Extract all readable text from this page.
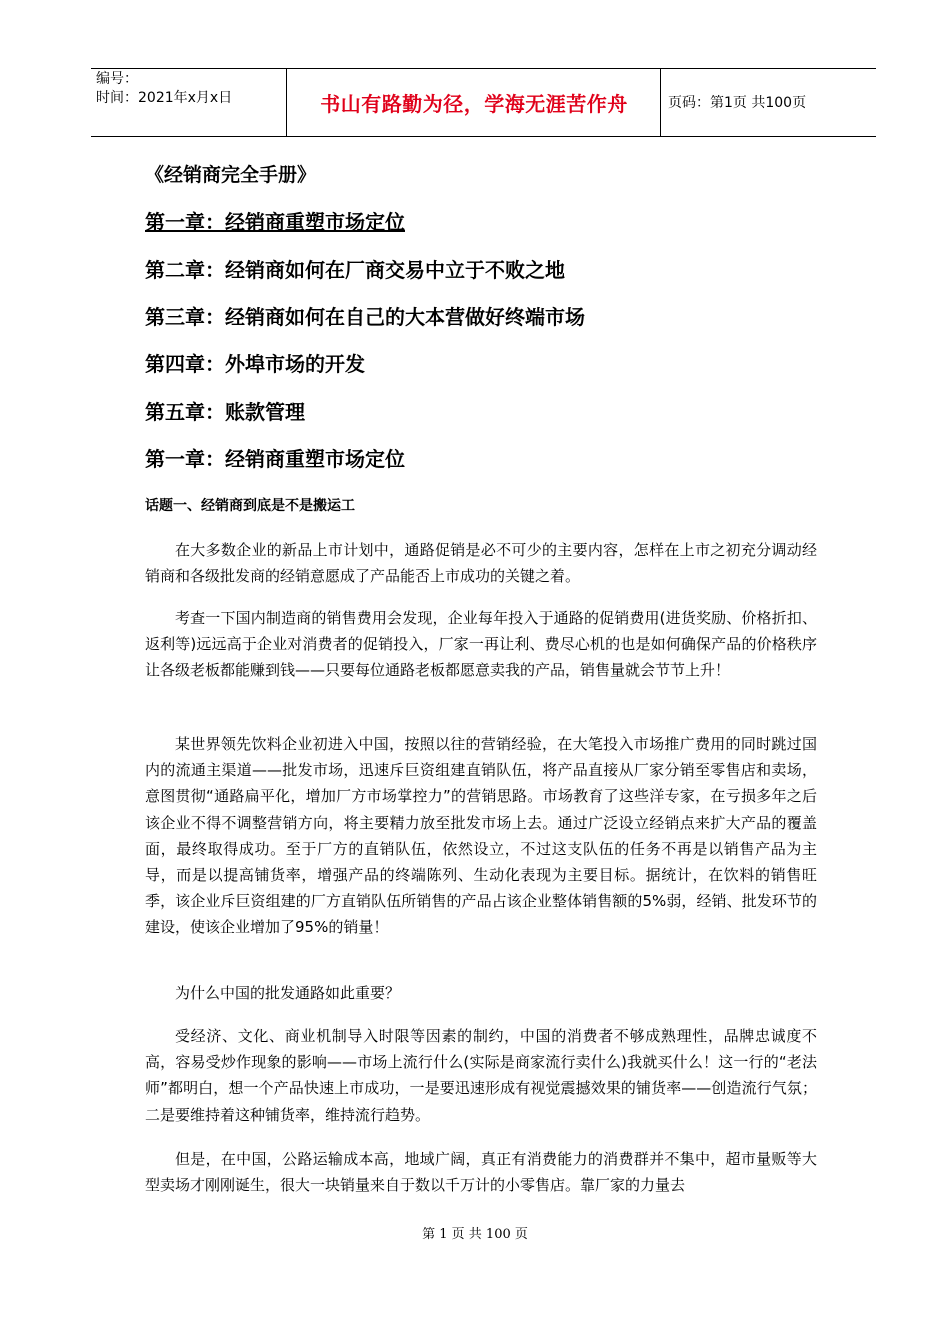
编号：
时间：2021年x月x日	书山有路勤为径，学海无涯苦作舟	页码：第1页 共100页
《经销商完全手册》
第一章：经销商重塑市场定位
第二章：经销商如何在厂商交易中立于不败之地
第三章：经销商如何在自己的大本营做好终端市场
第四章：外埠市场的开发
第五章：账款管理
第一章：经销商重塑市场定位
话题一、经销商到底是不是搬运工

在大多数企业的新品上市计划中，通路促销是必不可少的主要内容，怎样在上市之初充分调动经销商和各级批发商的经销意愿成了产品能否上市成功的关键之着。

考查一下国内制造商的销售费用会发现，企业每年投入于通路的促销费用(进货奖励、价格折扣、返利等)远远高于企业对消费者的促销投入，厂家一再让利、费尽心机的也是如何确保产品的价格秩序让各级老板都能赚到钱——只要每位通路老板都愿意卖我的产品，销售量就会节节上升！

某世界领先饮料企业初进入中国，按照以往的营销经验，在大笔投入市场推广费用的同时跳过国内的流通主渠道——批发市场，迅速斥巨资组建直销队伍，将产品直接从厂家分销至零售店和卖场，意图贯彻“通路扁平化，增加厂方市场掌控力”的营销思路。市场教育了这些洋专家，在亏损多年之后该企业不得不调整营销方向，将主要精力放至批发市场上去。通过广泛设立经销点来扩大产品的覆盖面，最终取得成功。至于厂方的直销队伍，依然设立，不过这支队伍的任务不再是以销售产品为主导，而是以提高铺货率，增强产品的终端陈列、生动化表现为主要目标。据统计，在饮料的销售旺季，该企业斥巨资组建的厂方直销队伍所销售的产品占该企业整体销售额的5%弱，经销、批发环节的建设，使该企业增加了95%的销量！

为什么中国的批发通路如此重要？

受经济、文化、商业机制导入时限等因素的制约，中国的消费者不够成熟理性，品牌忠诚度不高，容易受炒作现象的影响——市场上流行什么(实际是商家流行卖什么)我就买什么！这一行的“老法师”都明白，想一个产品快速上市成功，一是要迅速形成有视觉震撼效果的铺货率——创造流行气氛；二是要维持着这种铺货率，维持流行趋势。

但是，在中国，公路运输成本高，地域广阔，真正有消费能力的消费群并不集中，超市量贩等大型卖场才刚刚诞生，很大一块销量来自于数以千万计的小零售店。靠厂家的力量去

第 1 页 共 100 页
